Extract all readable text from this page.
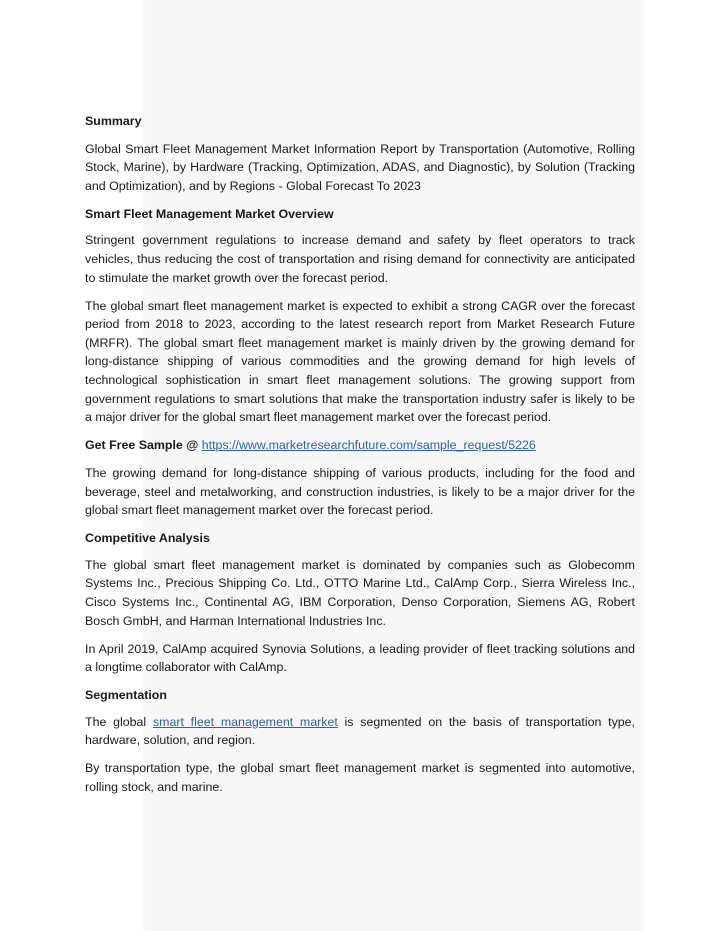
Summary

Global Smart Fleet Management Market Information Report by Transportation (Automotive, Rolling Stock, Marine), by Hardware (Tracking, Optimization, ADAS, and Diagnostic), by Solution (Tracking and Optimization), and by Regions - Global Forecast To 2023

Smart Fleet Management Market Overview

Stringent government regulations to increase demand and safety by fleet operators to track vehicles, thus reducing the cost of transportation and rising demand for connectivity are anticipated to stimulate the market growth over the forecast period.

The global smart fleet management market is expected to exhibit a strong CAGR over the forecast period from 2018 to 2023, according to the latest research report from Market Research Future (MRFR). The global smart fleet management market is mainly driven by the growing demand for long-distance shipping of various commodities and the growing demand for high levels of technological sophistication in smart fleet management solutions. The growing support from government regulations to smart solutions that make the transportation industry safer is likely to be a major driver for the global smart fleet management market over the forecast period.

Get Free Sample @ https://www.marketresearchfuture.com/sample_request/5226

The growing demand for long-distance shipping of various products, including for the food and beverage, steel and metalworking, and construction industries, is likely to be a major driver for the global smart fleet management market over the forecast period.

Competitive Analysis

The global smart fleet management market is dominated by companies such as Globecomm Systems Inc., Precious Shipping Co. Ltd., OTTO Marine Ltd., CalAmp Corp., Sierra Wireless Inc., Cisco Systems Inc., Continental AG, IBM Corporation, Denso Corporation, Siemens AG, Robert Bosch GmbH, and Harman International Industries Inc.

In April 2019, CalAmp acquired Synovia Solutions, a leading provider of fleet tracking solutions and a longtime collaborator with CalAmp.

Segmentation

The global smart fleet management market is segmented on the basis of transportation type, hardware, solution, and region.

By transportation type, the global smart fleet management market is segmented into automotive, rolling stock, and marine.
